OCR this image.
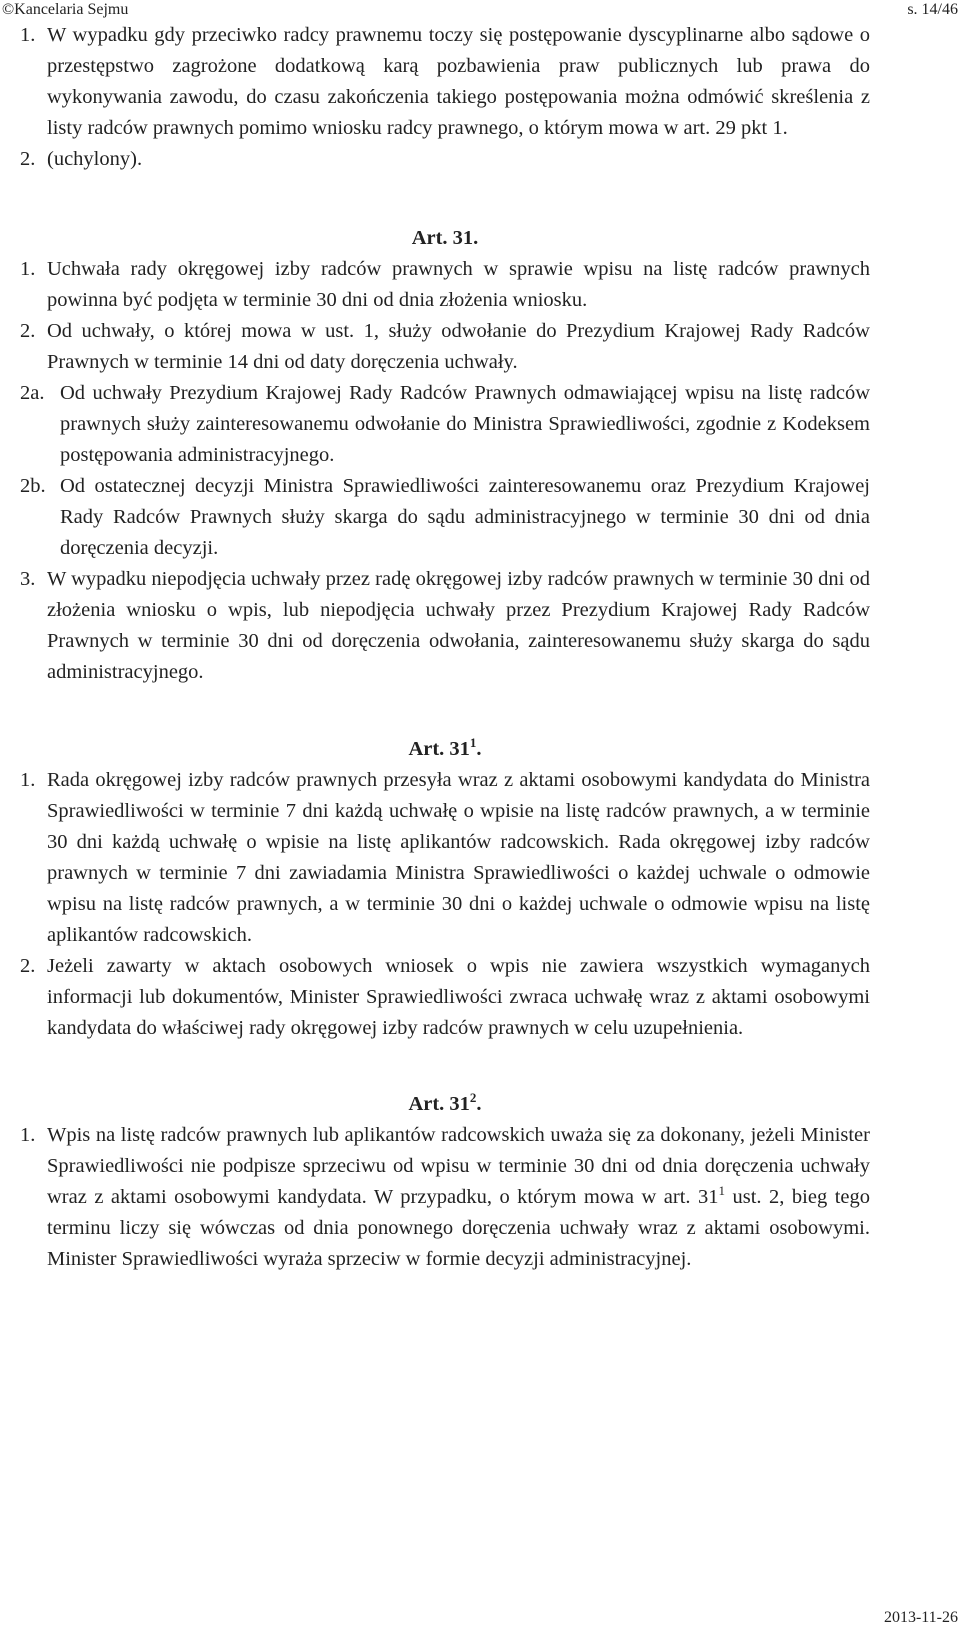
©Kancelaria Sejmu	s. 14/46
1. W wypadku gdy przeciwko radcy prawnemu toczy się postępowanie dyscyplinarne albo sądowe o przestępstwo zagrożone dodatkową karą pozbawienia praw publicznych lub prawa do wykonywania zawodu, do czasu zakończenia takiego postępowania można odmówić skreślenia z listy radców prawnych pomimo wniosku radcy prawnego, o którym mowa w art. 29 pkt 1.
2. (uchylony).

Art. 31.

1. Uchwała rady okręgowej izby radców prawnych w sprawie wpisu na listę radców prawnych powinna być podjęta w terminie 30 dni od dnia złożenia wniosku.
2. Od uchwały, o której mowa w ust. 1, służy odwołanie do Prezydium Krajowej Rady Radców Prawnych w terminie 14 dni od daty doręczenia uchwały.
2a. Od uchwały Prezydium Krajowej Rady Radców Prawnych odmawiającej wpisu na listę radców prawnych służy zainteresowanemu odwołanie do Ministra Sprawiedliwości, zgodnie z Kodeksem postępowania administracyjnego.
2b. Od ostatecznej decyzji Ministra Sprawiedliwości zainteresowanemu oraz Prezydium Krajowej Rady Radców Prawnych służy skarga do sądu administracyjnego w terminie 30 dni od dnia doręczenia decyzji.
3. W wypadku niepodjęcia uchwały przez radę okręgowej izby radców prawnych w terminie 30 dni od złożenia wniosku o wpis, lub niepodjęcia uchwały przez Prezydium Krajowej Rady Radców Prawnych w terminie 30 dni od doręczenia odwołania, zainteresowanemu służy skarga do sądu administracyjnego.

Art. $31^1$.

1. Rada okręgowej izby radców prawnych przesyła wraz z aktami osobowymi kandydata do Ministra Sprawiedliwości w terminie 7 dni każdą uchwałę o wpisie na listę radców prawnych, a w terminie 30 dni każdą uchwałę o wpisie na listę aplikantów radcowskich. Rada okręgowej izby radców prawnych w terminie 7 dni zawiadamia Ministra Sprawiedliwości o każdej uchwale o odmowie wpisu na listę radców prawnych, a w terminie 30 dni o każdej uchwale o odmowie wpisu na listę aplikantów radcowskich.
2. Jeżeli zawarty w aktach osobowych wniosek o wpis nie zawiera wszystkich wymaganych informacji lub dokumentów, Minister Sprawiedliwości zwraca uchwałę wraz z aktami osobowymi kandydata do właściwej rady okręgowej izby radców prawnych w celu uzupełnienia.

Art. $31^2$.

1. Wpis na listę radców prawnych lub aplikantów radcowskich uważa się za dokonany, jeżeli Minister Sprawiedliwości nie podpisze sprzeciwu od wpisu w terminie 30 dni od dnia doręczenia uchwały wraz z aktami osobowymi kandydata. W przypadku, o którym mowa w art. $31^1$ ust. 2, bieg tego terminu liczy się wówczas od dnia ponownego doręczenia uchwały wraz z aktami osobowymi. Minister Sprawiedliwości wyraża sprzeciw w formie decyzji administracyjnej.
2013-11-26
